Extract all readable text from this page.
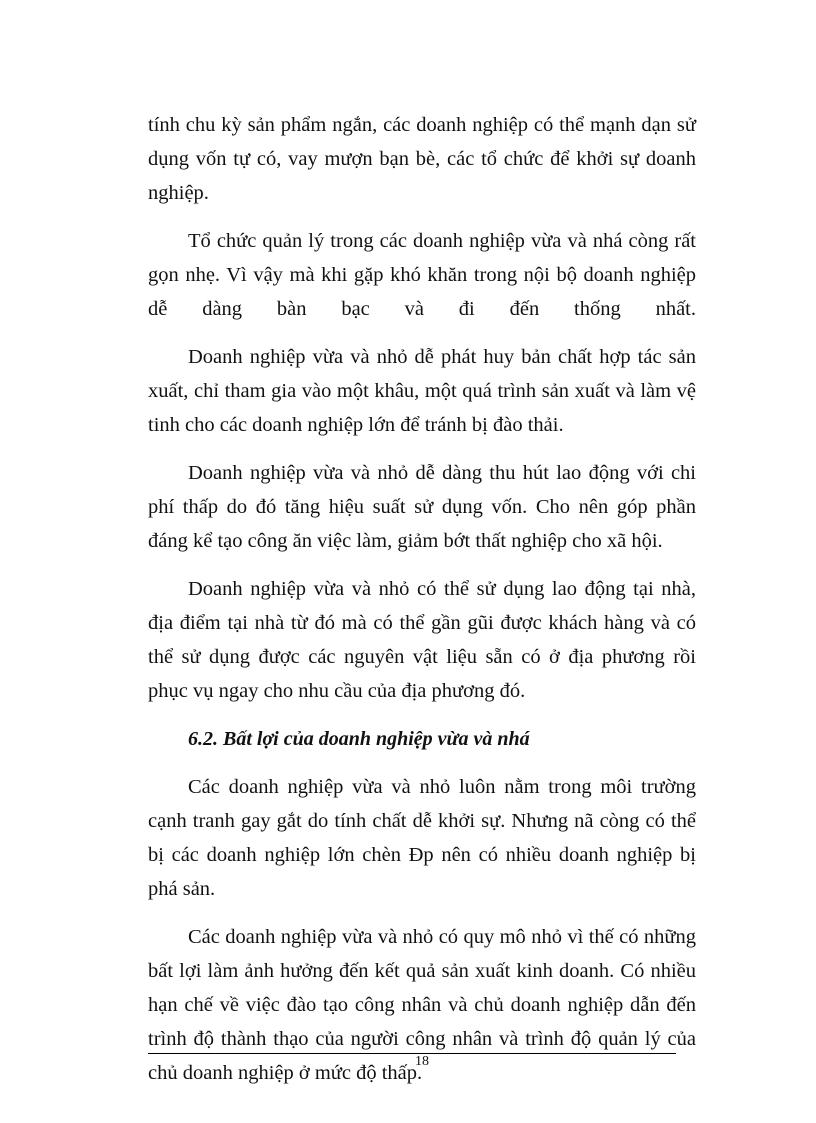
tính chu kỳ sản phẩm ngắn, các doanh nghiệp có thể mạnh dạn sử dụng vốn tự có, vay mượn bạn bè, các tổ chức để khởi sự doanh nghiệp.

Tổ chức quản lý trong các doanh nghiệp vừa và nhá còng rất gọn nhẹ. Vì vậy mà khi gặp khó khăn trong nội bộ doanh nghiệp dễ dàng bàn bạc và đi đến thống nhất.

Doanh nghiệp vừa và nhỏ dễ phát huy bản chất hợp tác sản xuất, chỉ tham gia vào một khâu, một quá trình sản xuất và làm vệ tinh cho các doanh nghiệp lớn để tránh bị đào thải.

Doanh nghiệp vừa và nhỏ dễ dàng thu hút lao động với chi phí thấp do đó tăng hiệu suất sử dụng vốn. Cho nên góp phần đáng kể tạo công ăn việc làm, giảm bớt thất nghiệp cho xã hội.

Doanh nghiệp vừa và nhỏ có thể sử dụng lao động tại nhà, địa điểm tại nhà từ đó mà có thể gần gũi được khách hàng và có thể sử dụng được các nguyên vật liệu sẵn có ở địa phương rồi phục vụ ngay cho nhu cầu của địa phương đó.

6.2. Bất lợi của doanh nghiệp vừa và nhá

Các doanh nghiệp vừa và nhỏ luôn nằm trong môi trường cạnh tranh gay gắt do tính chất dễ khởi sự. Nhưng nã còng có thể bị các doanh nghiệp lớn chèn Ðp nên có nhiều doanh nghiệp bị phá sản.

Các doanh nghiệp vừa và nhỏ có quy mô nhỏ vì thế có những bất lợi làm ảnh hưởng đến kết quả sản xuất kinh doanh. Có nhiều hạn chế về việc đào tạo công nhân và chủ doanh nghiệp dẫn đến trình độ thành thạo của người công nhân và trình độ quản lý của chủ doanh nghiệp ở mức độ thấp.

18
